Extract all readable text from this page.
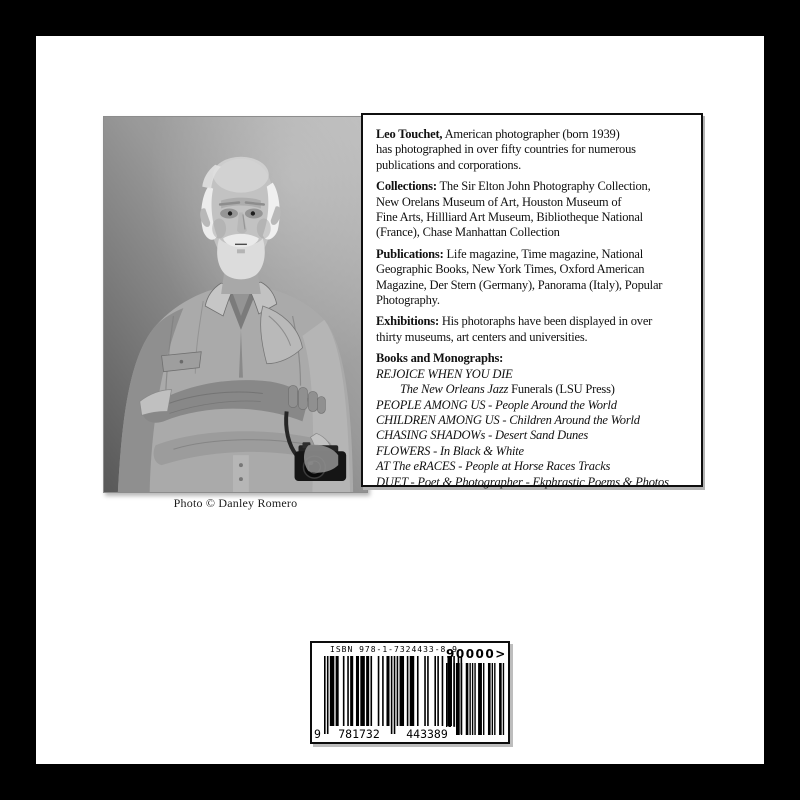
Photo © Danley Romero
Leo Touchet, American photographer (born 1939)
has photographed in over fifty countries for numerous
publications and corporations.
Collections: The Sir Elton John Photography Collection,
New Orelans Museum of Art, Houston Museum of
Fine Arts, Hillliard Art Museum, Bibliotheque National
(France), Chase Manhattan Collection
Publications: Life magazine, Time magazine, National
Geographic Books, New York Times, Oxford American
Magazine, Der Stern (Germany), Panorama (Italy), Popular
Photography.
Exhibitions: His photoraphs have been displayed in over
thirty museums, art centers and universities.
Books and Monographs:
REJOICE WHEN YOU DIE
The New Orleans Jazz Funerals (LSU Press)
PEOPLE AMONG US - People Around the World
CHILDREN AMONG US - Children Around the World
CHASING SHADOWs - Desert Sand Dunes
FLOWERS - In Black & White
AT The eRACES - People at Horse Races Tracks
DUET - Poet & Photographer - Ekphrastic Poems & Photos
ISBN 978-1-7324433-8-9
9	781732	443389
90000>
